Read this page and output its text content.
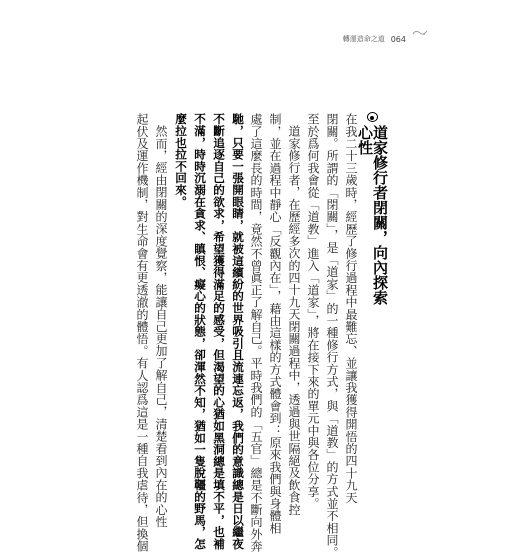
轉運造命之道 064
道家修行者閉關，向內探索心性
在我二十三歲時，經歷了修行過程中最難忘、並讓我獲得開悟的四十九天
閉關。所謂的「閉關」，是「道家」的一種修行方式，與「道教」的方式並不相同。
至於爲何我會從「道教」進入「道家」，將在接下來的單元中與各位分享。
道家修行者，在歷經多次的四十九天閉關過程中，透過與世隔絕及飲食控
制，並在過程中靜心「反觀內在」，藉由這樣的方式體會到：原來我們與身體相
處了這麼長的時間，竟然不曾眞正了解自己。平時我們的「五官」總是不斷向外奔
馳，只要一張開眼睛，就被這繽紛的世界吸引且流連忘返，我們的意識總是日以繼夜
不斷追逐自己的欲求，希望獲得滿足的感受，但渴望的心猶如黑洞總是填不平，也補
不滿，時時沉溺在貪求、瞋恨、癡心的狀態，卻渾然不知，猶如一隻脫韁的野馬，怎
麼拉也拉不回來。
然而，經由閉關的深度覺察，能讓自己更加了解自己，清楚看到內在的心性
起伏及運作機制，對生命會有更透澈的體悟。有人認爲這是一種自我虐待，但換個
